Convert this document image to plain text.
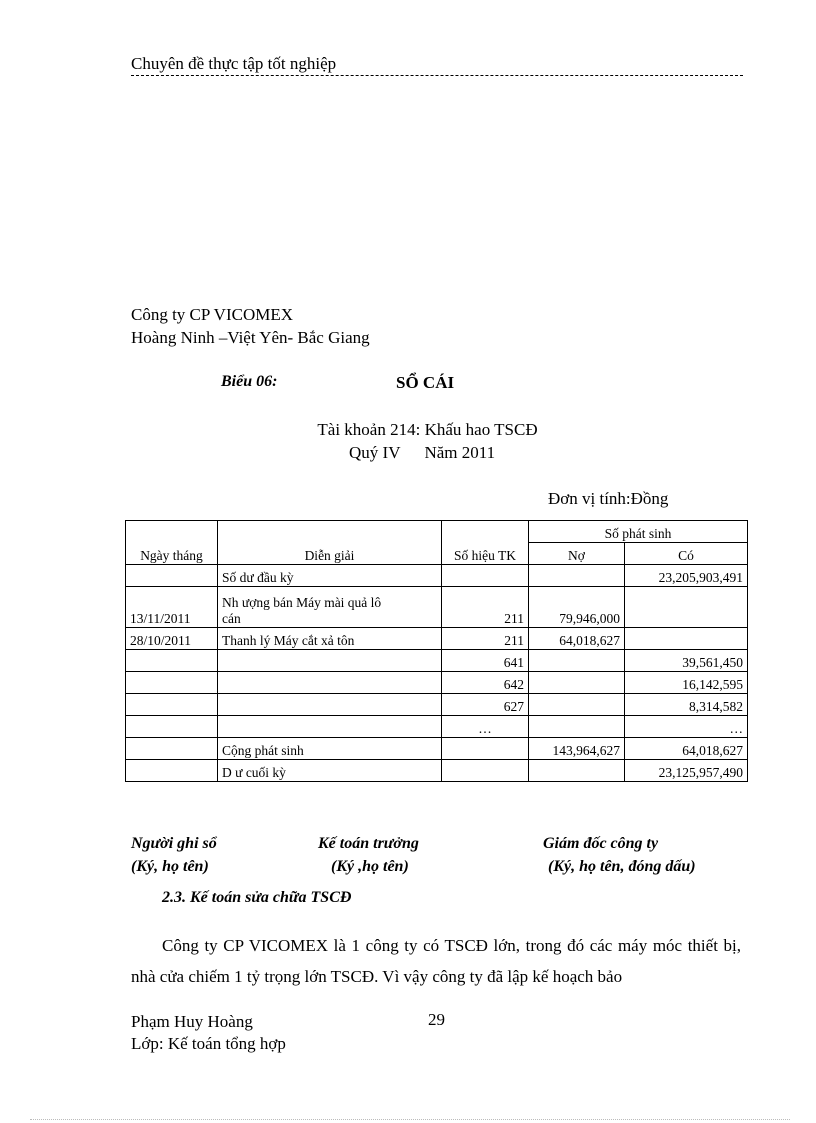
Chuyên đề thực tập tốt nghiệp
Công ty CP VICOMEX
Hoàng Ninh –Việt Yên- Bắc Giang
Biểu 06:	SỔ CÁI
Tài khoản 214: Khấu hao TSCĐ
Quý IV Năm 2011
Đơn vị tính:Đồng
Ngày tháng	Diễn giải	Số hiệu TK	Số phát sinh	
			Nợ	Có
	Số dư đầu kỳ			23,205,903,491
13/11/2011	Nh ượng bán Máy mài quả lô
cán	211	79,946,000	
28/10/2011	Thanh lý Máy cắt xả tôn	211	64,018,627	
		641		39,561,450
		642		16,142,595
		627		8,314,582
		…		…
	Cộng phát sinh		143,964,627	64,018,627
	D ư cuối kỳ			23,125,957,490
Người ghi sổ	Kế toán trưởng	Giám đốc công ty
(Ký, họ tên)	(Ký ,họ tên)	(Ký, họ tên, đóng dấu)
2.3. Kế toán sửa chữa TSCĐ
Công ty CP VICOMEX là 1 công ty có TSCĐ lớn, trong đó các máy móc thiết bị, nhà cửa chiếm 1 tỷ trọng lớn TSCĐ. Vì vậy công ty đã lập kế hoạch bảo
Phạm Huy Hoàng	29
Lớp: Kế toán tổng hợp
